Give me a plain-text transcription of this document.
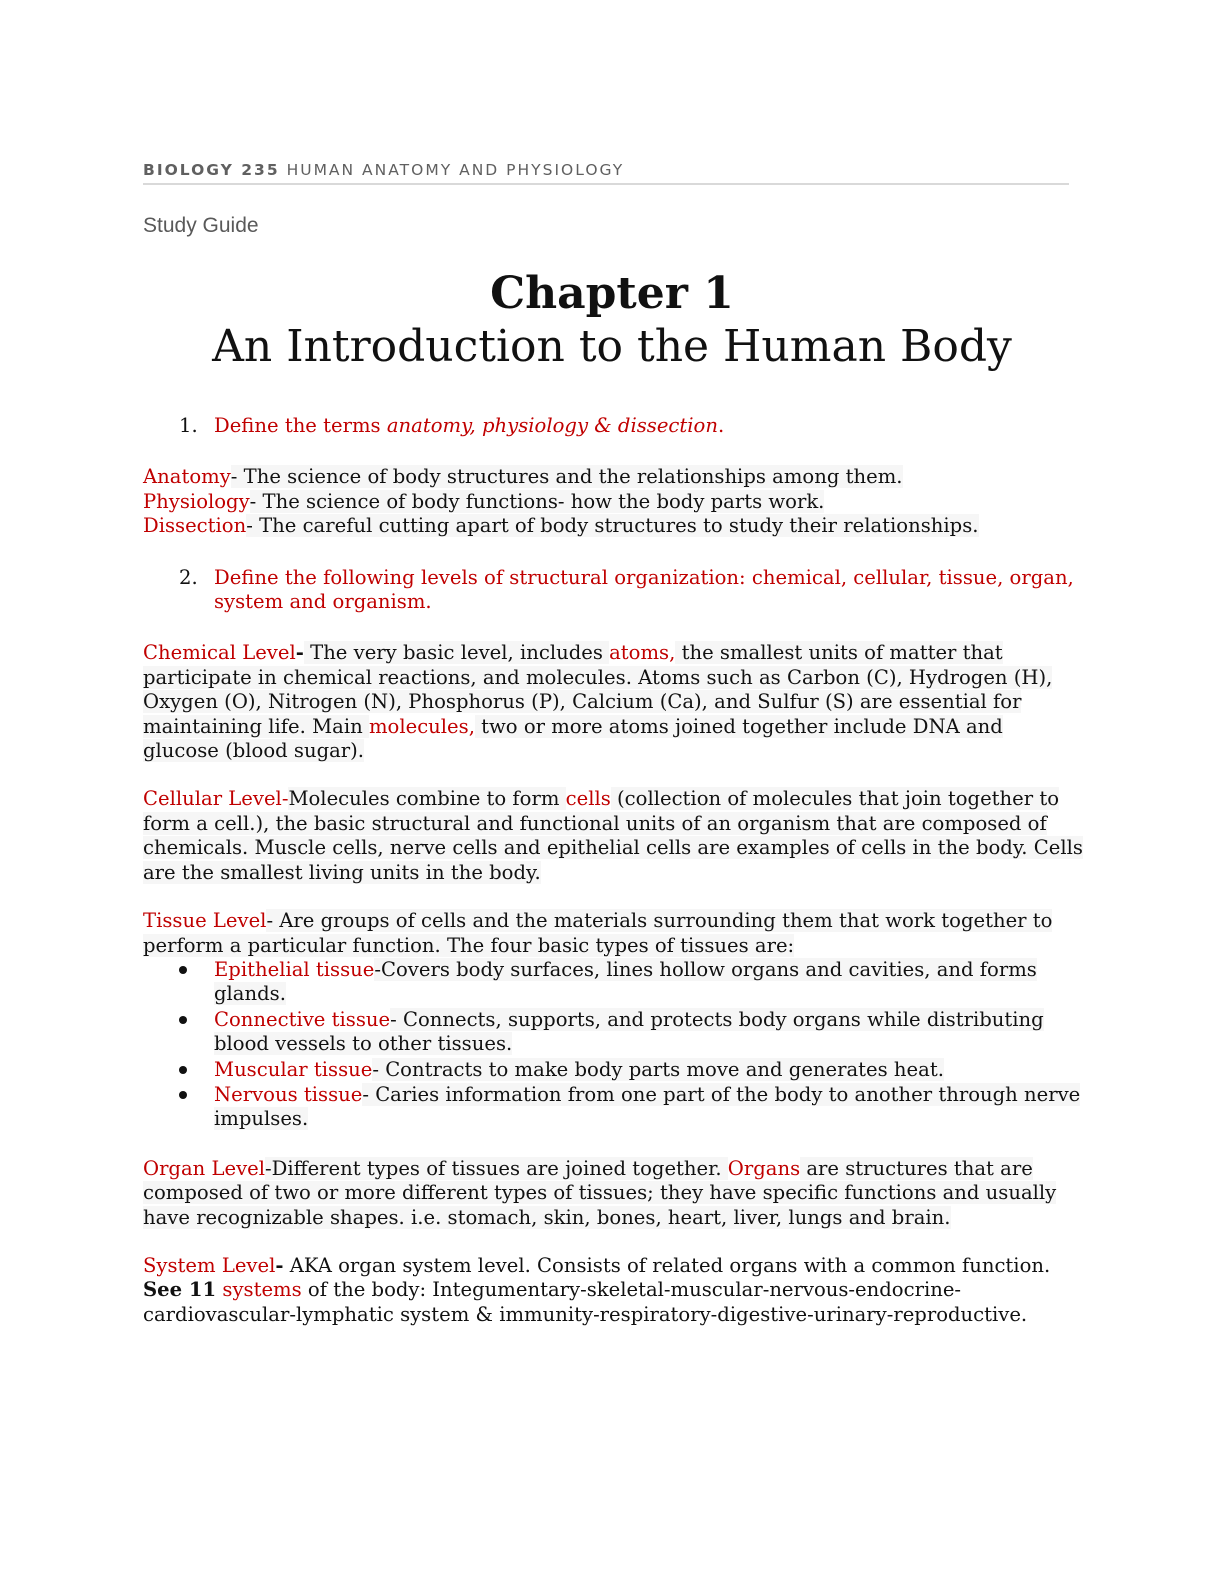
BIOLOGY 235 HUMAN ANATOMY AND PHYSIOLOGY
Study Guide
Chapter 1
An Introduction to the Human Body
1. Define the terms anatomy, physiology & dissection.

Anatomy- The science of body structures and the relationships among them.

Physiology- The science of body functions- how the body parts work.

Dissection- The careful cutting apart of body structures to study their relationships.

2. Define the following levels of structural organization: chemical, cellular, tissue, organ, system and organism.

Chemical Level- The very basic level, includes atoms, the smallest units of matter that participate in chemical reactions, and molecules. Atoms such as Carbon (C), Hydrogen (H), Oxygen (O), Nitrogen (N), Phosphorus (P), Calcium (Ca), and Sulfur (S) are essential for maintaining life. Main molecules, two or more atoms joined together include DNA and glucose (blood sugar).

Cellular Level-Molecules combine to form cells (collection of molecules that join together to form a cell.), the basic structural and functional units of an organism that are composed of chemicals. Muscle cells, nerve cells and epithelial cells are examples of cells in the body. Cells are the smallest living units in the body.

Tissue Level- Are groups of cells and the materials surrounding them that work together to perform a particular function. The four basic types of tissues are:

Epithelial tissue-Covers body surfaces, lines hollow organs and cavities, and forms glands.
Connective tissue- Connects, supports, and protects body organs while distributing blood vessels to other tissues.
Muscular tissue- Contracts to make body parts move and generates heat.
Nervous tissue- Caries information from one part of the body to another through nerve impulses.

Organ Level-Different types of tissues are joined together. Organs are structures that are composed of two or more different types of tissues; they have specific functions and usually have recognizable shapes. i.e. stomach, skin, bones, heart, liver, lungs and brain.

System Level- AKA organ system level. Consists of related organs with a common function. See 11 systems of the body: Integumentary-skeletal-muscular-nervous-endocrine-cardiovascular-lymphatic system & immunity-respiratory-digestive-urinary-reproductive.
